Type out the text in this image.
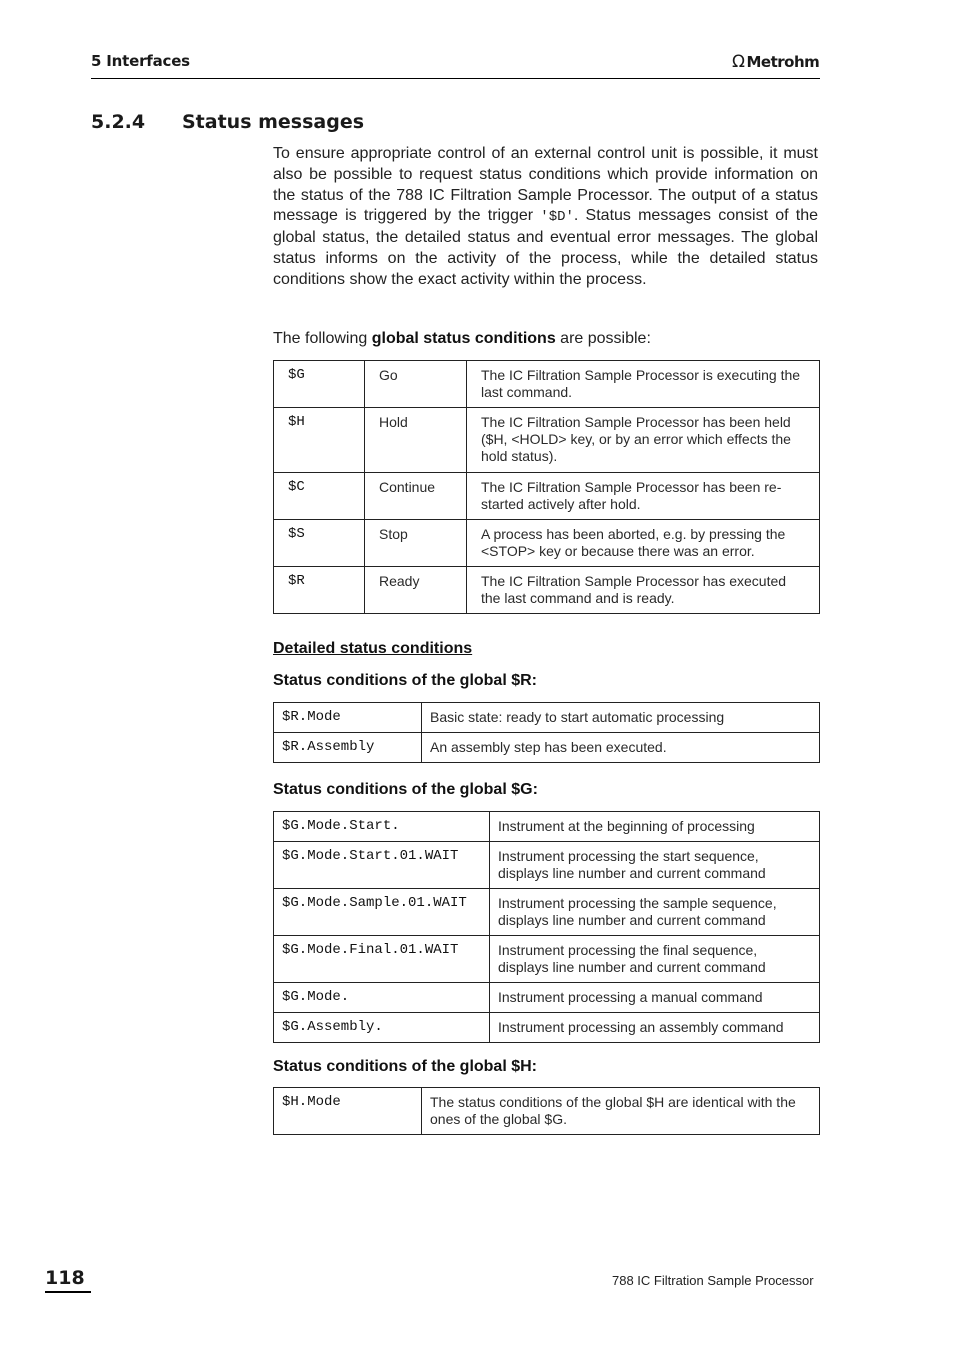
5 Interfaces	Ω Metrohm
5.2.4 Status messages
To ensure appropriate control of an external control unit is possible, it must also be possible to request status conditions which provide information on the status of the 788 IC Filtration Sample Processor. The output of a status message is triggered by the trigger '$D'. Status messages consist of the global status, the detailed status and eventual error messages. The global status informs on the activity of the process, while the detailed status conditions show the exact activity within the process.
The following global status conditions are possible:
$G	Go	The IC Filtration Sample Processor is executing the last command.
$H	Hold	The IC Filtration Sample Processor has been held ($H, <HOLD> key, or by an error which effects the hold status).
$C	Continue	The IC Filtration Sample Processor has been re-started actively after hold.
$S	Stop	A process has been aborted, e.g. by pressing the <STOP> key or because there was an error.
$R	Ready	The IC Filtration Sample Processor has executed the last command and is ready.
Detailed status conditions
Status conditions of the global $R:
$R.Mode	Basic state: ready to start automatic processing
$R.Assembly	An assembly step has been executed.
Status conditions of the global $G:
$G.Mode.Start.	Instrument at the beginning of processing
$G.Mode.Start.01.WAIT	Instrument processing the start sequence, displays line number and current command
$G.Mode.Sample.01.WAIT	Instrument processing the sample sequence, displays line number and current command
$G.Mode.Final.01.WAIT	Instrument processing the final sequence, displays line number and current command
$G.Mode.	Instrument processing a manual command
$G.Assembly.	Instrument processing an assembly command
Status conditions of the global $H:
$H.Mode	The status conditions of the global $H are identical with the ones of the global $G.
118	788 IC Filtration Sample Processor
